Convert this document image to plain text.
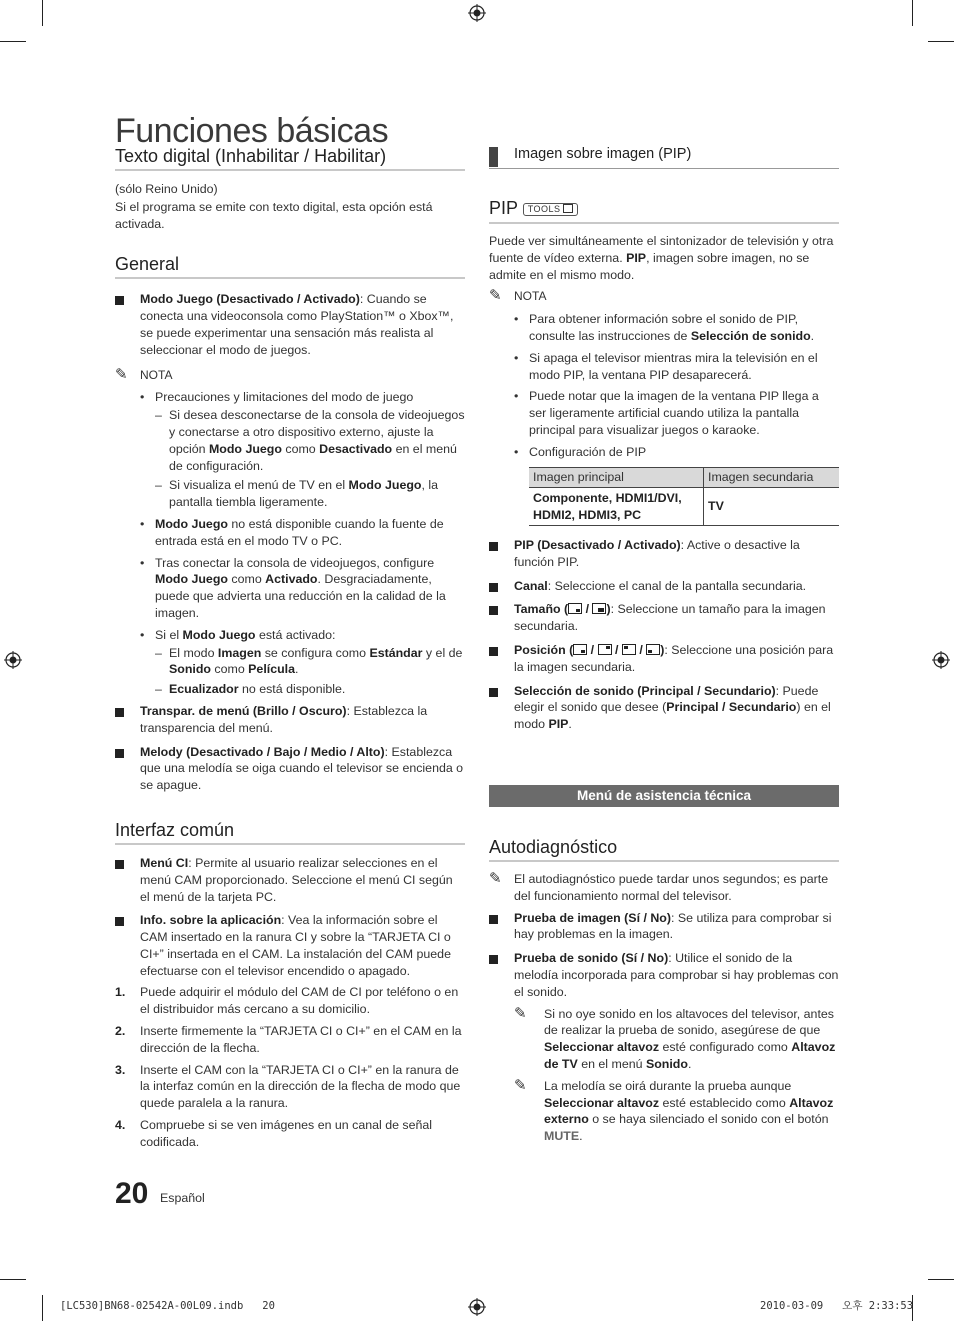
Funciones básicas
Texto digital (Inhabilitar / Habilitar)

(sólo Reino Unido)

Si el programa se emite con texto digital, esta opción está activada.

General
Modo Juego (Desactivado / Activado): Cuando se conecta una videoconsola como PlayStation™ o Xbox™, se puede experimentar una sensación más realista al seleccionar el modo de juegos.
✎ NOTA
• Precauciones y limitaciones del modo de juego
– Si desea desconectarse de la consola de videojuegos y conectarse a otro dispositivo externo, ajuste la opción Modo Juego como Desactivado en el menú de configuración.
– Si visualiza el menú de TV en el Modo Juego, la pantalla tiembla ligeramente.
• Modo Juego no está disponible cuando la fuente de entrada está en el modo TV o PC.
• Tras conectar la consola de videojuegos, configure Modo Juego como Activado. Desgraciadamente, puede que advierta una reducción en la calidad de la imagen.
• Si el Modo Juego está activado:
– El modo Imagen se configura como Estándar y el de Sonido como Película.
– Ecualizador no está disponible.
Transpar. de menú (Brillo / Oscuro): Establezca la transparencia del menú.
Melody (Desactivado / Bajo / Medio / Alto): Establezca que una melodía se oiga cuando el televisor se encienda o se apague.
Interfaz común
Menú CI: Permite al usuario realizar selecciones en el menú CAM proporcionado. Seleccione el menú CI según el menú de la tarjeta PC.
Info. sobre la aplicación: Vea la información sobre el CAM insertado en la ranura CI y sobre la “TARJETA CI o CI+” insertada en el CAM. La instalación del CAM puede efectuarse con el televisor encendido o apagado.
1. Puede adquirir el módulo del CAM de CI por teléfono o en el distribuidor más cercano a su domicilio.
2. Inserte firmemente la “TARJETA CI o CI+” en el CAM en la dirección de la flecha.
3. Inserte el CAM con la “TARJETA CI o CI+” en la ranura de la interfaz común en la dirección de la flecha de modo que quede paralela a la ranura.
4. Compruebe si se ven imágenes en un canal de señal codificada.
Imagen sobre imagen (PIP)
PIP TOOLS

Puede ver simultáneamente el sintonizador de televisión y otra fuente de vídeo externa. PIP, imagen sobre imagen, no se admite en el mismo modo.

✎ NOTA
• Para obtener información sobre el sonido de PIP, consulte las instrucciones de Selección de sonido.
• Si apaga el televisor mientras mira la televisión en el modo PIP, la ventana PIP desaparecerá.
• Puede notar que la imagen de la ventana PIP llega a ser ligeramente artificial cuando utiliza la pantalla principal para visualizar juegos o karaoke.
• Configuración de PIP
Imagen principal	Imagen secundaria
Componente, HDMI1/DVI, HDMI2, HDMI3, PC	TV
PIP (Desactivado / Activado): Active o desactive la función PIP.
Canal: Seleccione el canal de la pantalla secundaria.
Tamaño (
/
): Seleccione un tamaño para la imagen secundaria.
Posición (
/
/
/
): Seleccione una posición para la imagen secundaria.
Selección de sonido (Principal / Secundario): Puede elegir el sonido que desee (Principal / Secundario) en el modo PIP.
Menú de asistencia técnica
Autodiagnóstico
✎ El autodiagnóstico puede tardar unos segundos; es parte del funcionamiento normal del televisor.
Prueba de imagen (Sí / No): Se utiliza para comprobar si hay problemas en la imagen.
Prueba de sonido (Sí / No): Utilice el sonido de la melodía incorporada para comprobar si hay problemas con el sonido.
✎ Si no oye sonido en los altavoces del televisor, antes de realizar la prueba de sonido, asegúrese de que Seleccionar altavoz esté configurado como Altavoz de TV en el menú Sonido.
✎ La melodía se oirá durante la prueba aunque Seleccionar altavoz esté establecido como Altavoz externo o se haya silenciado el sonido con el botón MUTE.
20 Español
[LC530]BN68-02542A-00L09.indb   20	2010-03-09   오후 2:33:53
